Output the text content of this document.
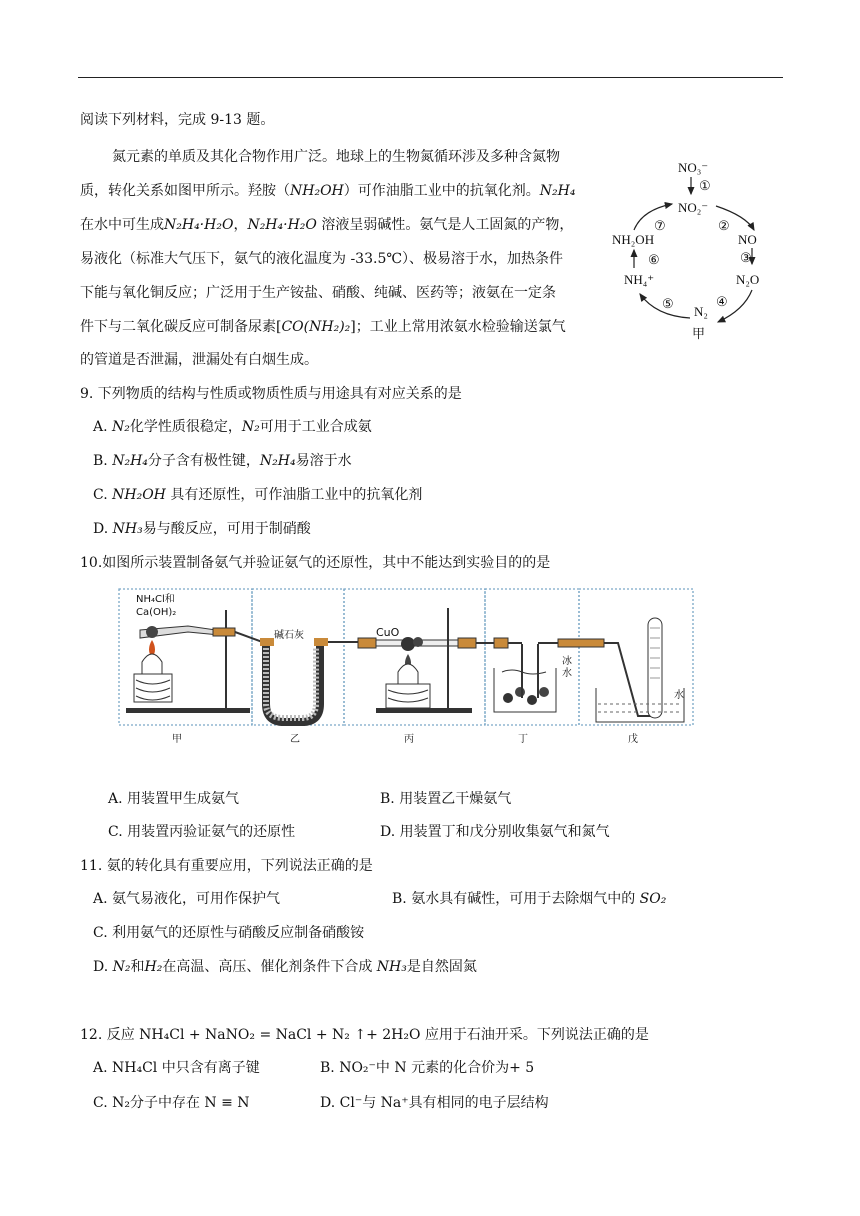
阅读下列材料，完成 9-13 题。
氮元素的单质及其化合物作用广泛。地球上的生物氮循环涉及多种含氮物
质，转化关系如图甲所示。羟胺（NH₂OH）可作油脂工业中的抗氧化剂。N₂H₄
在水中可生成N₂H₄·H₂O，N₂H₄·H₂O 溶液呈弱碱性。氨气是人工固氮的产物，
易液化（标准大气压下，氨气的液化温度为 -33.5℃）、极易溶于水，加热条件
下能与氧化铜反应；广泛用于生产铵盐、硝酸、纯碱、医药等；液氨在一定条
件下与二氧化碳反应可制备尿素[CO(NH₂)₂]；工业上常用浓氨水检验输送氯气
的管道是否泄漏，泄漏处有白烟生成。
NO₃⁻
①
NO₂⁻
②
NO
③
N₂O
④
N₂
⑤
NH₄⁺
⑥
NH₂OH
⑦
甲
9. 下列物质的结构与性质或物质性质与用途具有对应关系的是
A. N₂化学性质很稳定，N₂可用于工业合成氨
B. N₂H₄分子含有极性键，N₂H₄易溶于水
C. NH₂OH 具有还原性，可作油脂工业中的抗氧化剂
D. NH₃易与酸反应，可用于制硝酸
10.如图所示装置制备氨气并验证氨气的还原性，其中不能达到实验目的的是
NH₄Cl和
Ca(OH)₂
碱石灰	CuO
冰
水
水
甲	乙	丙	丁	戊
A. 用装置甲生成氨气	B. 用装置乙干燥氨气
C. 用装置丙验证氨气的还原性	D. 用装置丁和戊分别收集氨气和氮气
11. 氨的转化具有重要应用，下列说法正确的是
A. 氨气易液化，可用作保护气	B. 氨水具有碱性，可用于去除烟气中的 SO₂
C. 利用氨气的还原性与硝酸反应制备硝酸铵
D. N₂和H₂在高温、高压、催化剂条件下合成 NH₃是自然固氮
12. 反应 NH₄Cl + NaNO₂ = NaCl + N₂ ↑+ 2H₂O 应用于石油开采。下列说法正确的是
A. NH₄Cl 中只含有离子键	B. NO₂⁻中 N 元素的化合价为+ 5
C. N₂分子中存在 N ≡ N	D. Cl⁻与 Na⁺具有相同的电子层结构
